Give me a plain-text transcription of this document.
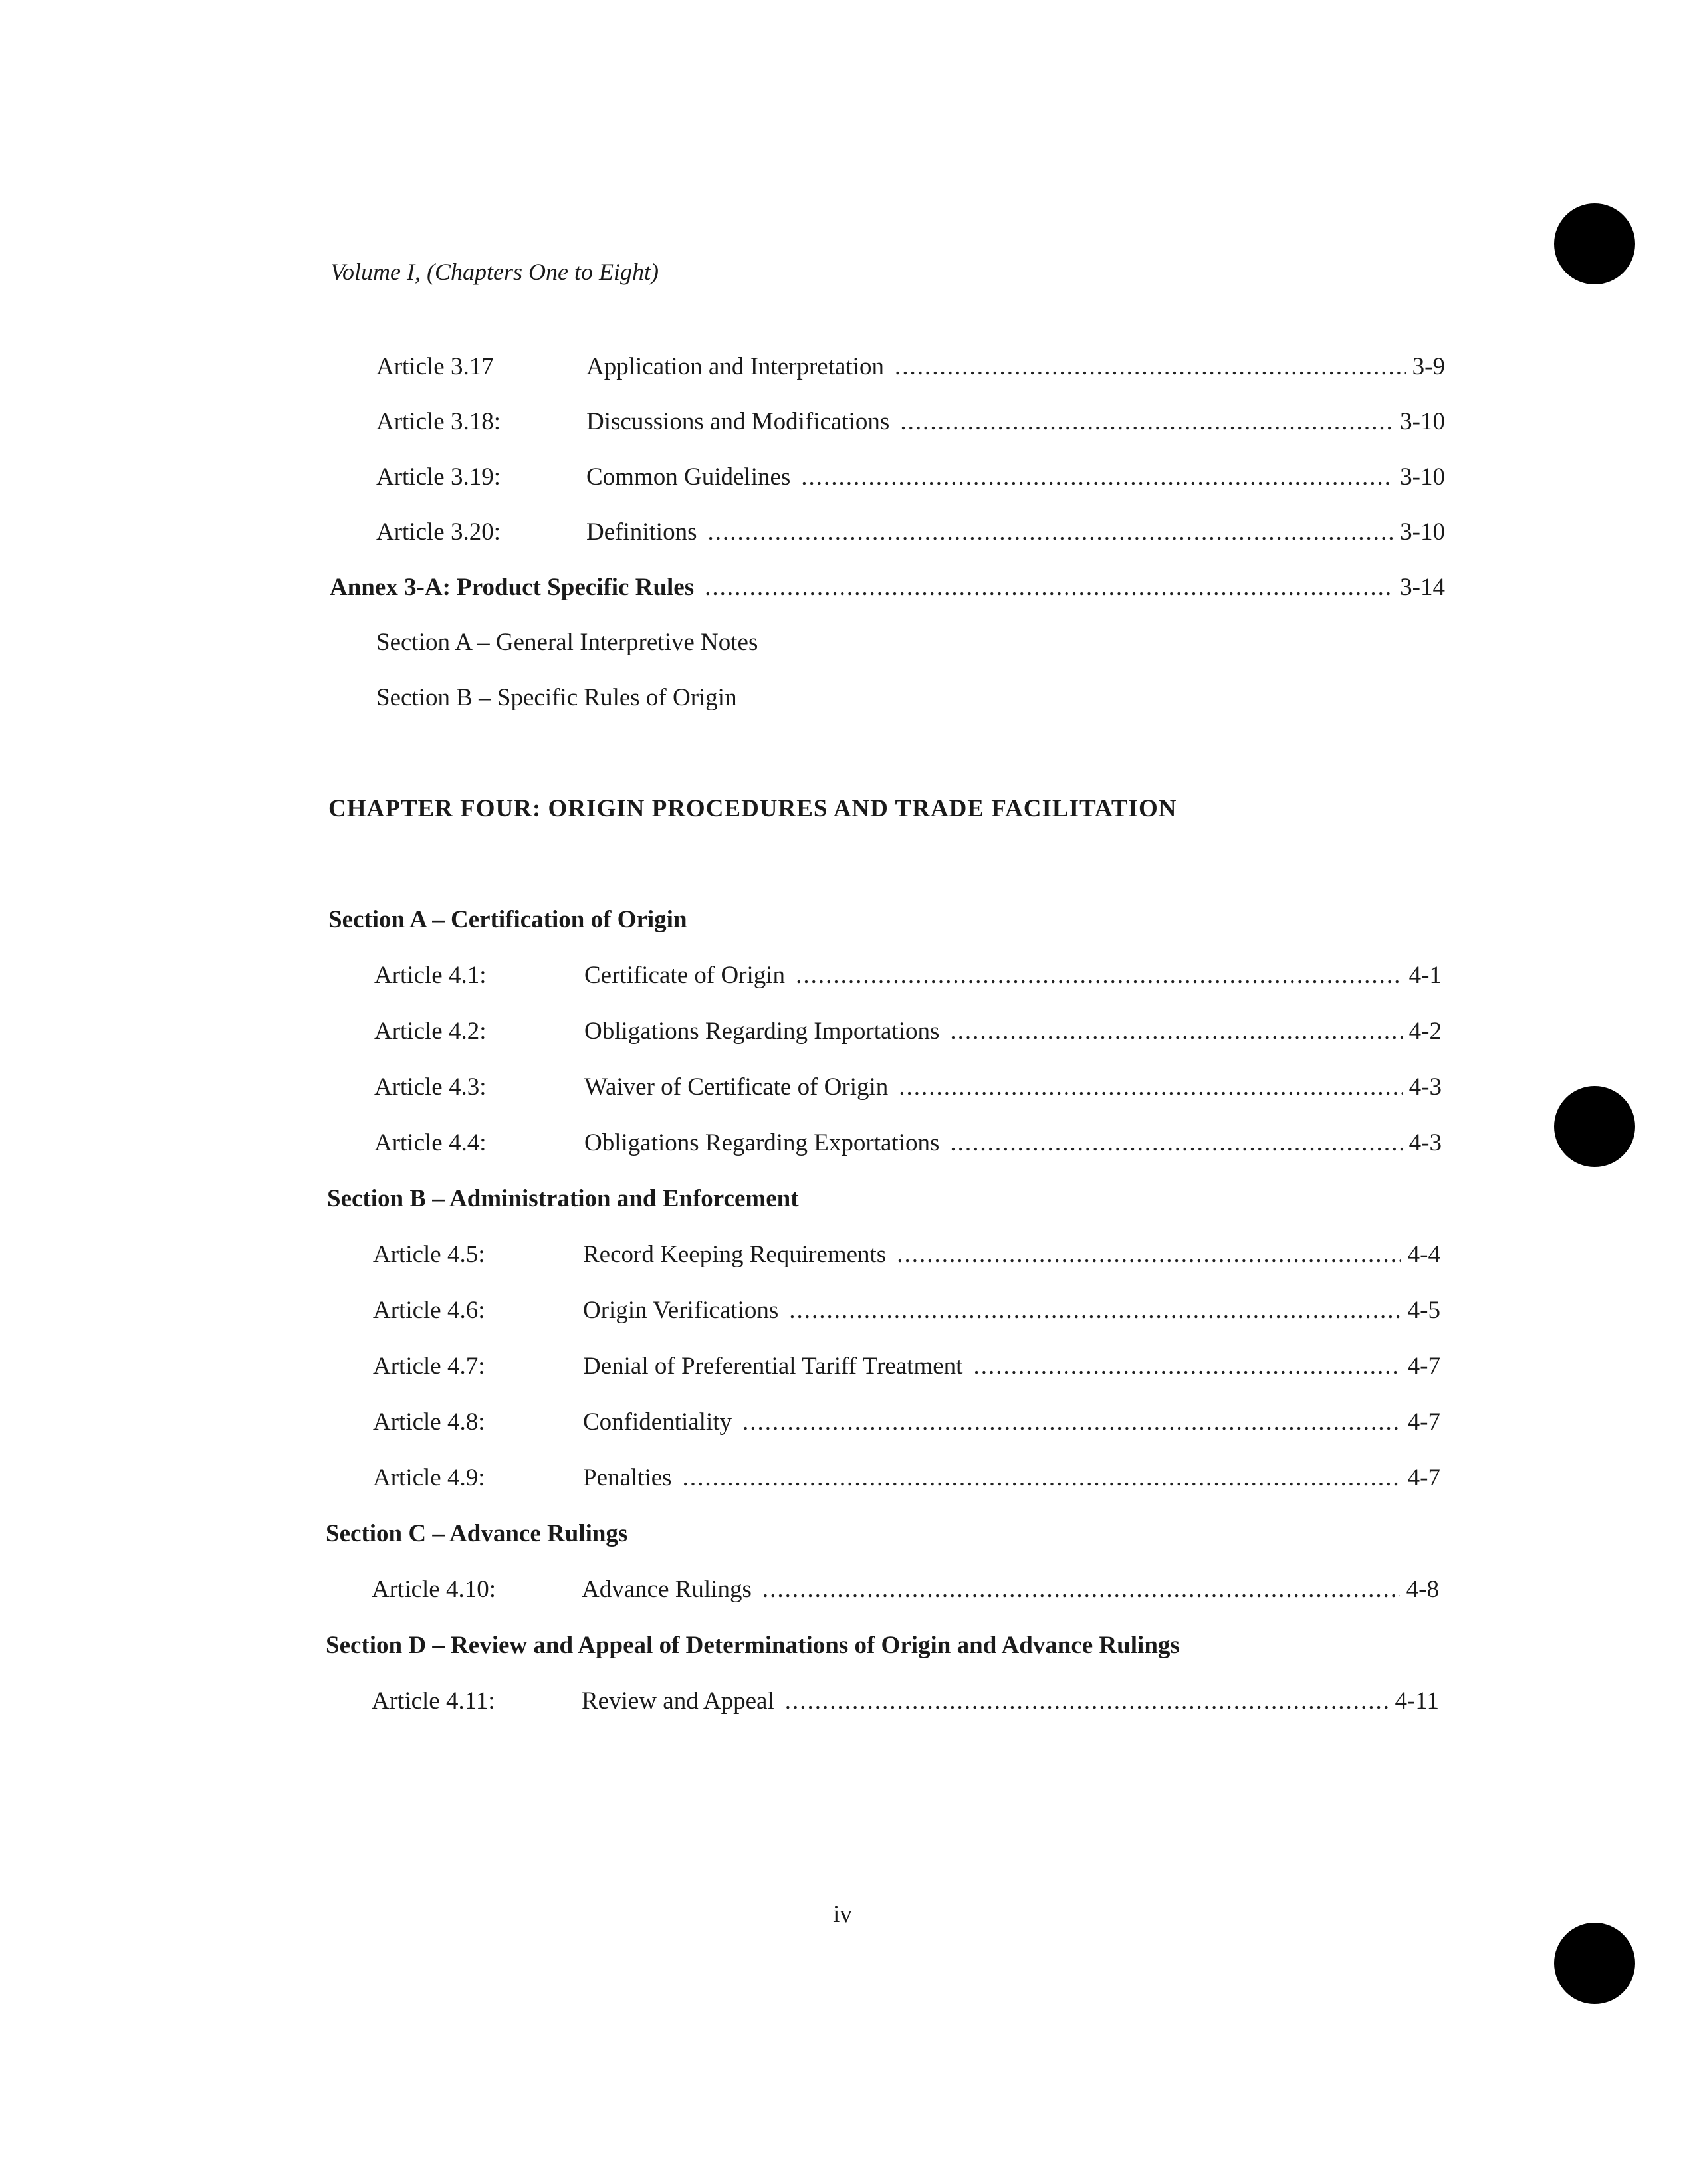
Volume I, (Chapters One to Eight)
Article 3.17	Application and Interpretation .....	3-9
Article 3.18:	Discussions and Modifications .....	3-10
Article 3.19:	Common Guidelines .....	3-10
Article 3.20:	Definitions .....	3-10
Annex 3-A: Product Specific Rules .....	3-14
Section A – General Interpretive Notes
Section B – Specific Rules of Origin
CHAPTER FOUR: ORIGIN PROCEDURES AND TRADE FACILITATION
Section A – Certification of Origin
Article 4.1:	Certificate of Origin .....	4-1
Article 4.2:	Obligations Regarding Importations .....	4-2
Article 4.3:	Waiver of Certificate of Origin .....	4-3
Article 4.4:	Obligations Regarding Exportations .....	4-3
Section B – Administration and Enforcement
Article 4.5:	Record Keeping Requirements .....	4-4
Article 4.6:	Origin Verifications .....	4-5
Article 4.7:	Denial of Preferential Tariff Treatment .....	4-7
Article 4.8:	Confidentiality .....	4-7
Article 4.9:	Penalties .....	4-7
Section C – Advance Rulings
Article 4.10:	Advance Rulings .....	4-8
Section D – Review and Appeal of Determinations of Origin and Advance Rulings
Article 4.11:	Review and Appeal .....	4-11
iv
